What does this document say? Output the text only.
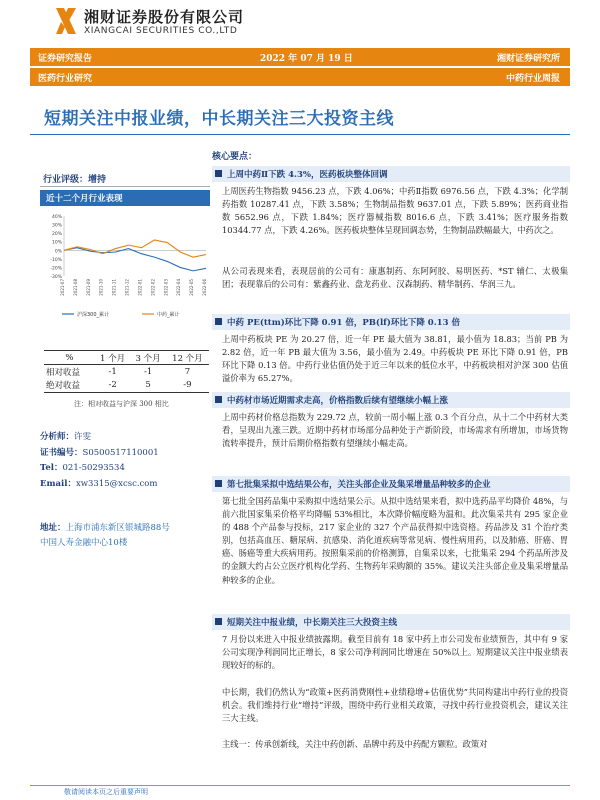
湘财证券股份有限公司
XIANGCAI SECURITIES CO.,LTD
证券研究报告	2022 年 07 月 19 日	湘财证券研究所
医药行业研究	中药行业周报
短期关注中报业绩，中长期关注三大投资主线
行业评级：增持
近十二个月行业表现
40%
30%
20%
10%
0%
-10%
-20%
-30%
2021-07 2021-08 2021-09 2021-10 2021-11 2021-12 2022-01 2022-02 2022-03 2022-04 2022-05 2022-06
沪深300_累计	中药_累计
%	1 个月	3 个月	12 个月
相对收益	-1	-1	7
绝对收益	-2	5	-9
注：相对收益与沪深 300 相比
分析师：许雯
证书编号：S0500517110001
Tel：021-50293534
Email：xw3315@xcsc.com
地址：上海市浦东新区银城路88号
中国人寿金融中心10楼
核心要点：
上周中药Ⅱ下跌 4.3%，医药板块整体回调
上周医药生物指数 9456.23 点，下跌 4.06%；中药Ⅱ指数 6976.56 点，下跌 4.3%；化学制药指数 10287.41 点，下跌 3.58%；生物制品指数 9637.01 点，下跌 5.89%；医药商业指数 5652.96 点，下跌 1.84%；医疗器械指数 8016.6 点，下跌 3.41%；医疗服务指数 10344.77 点，下跌 4.26%。医药板块整体呈现回调态势，生物制品跌幅最大，中药次之。
从公司表现来看，表现居前的公司有：康惠制药、东阿阿胶、易明医药、*ST 辅仁、太极集团；表现靠后的公司有：紫鑫药业、盘龙药业、汉森制药、精华制药、华润三九。
中药 PE(ttm)环比下降 0.91 倍，PB(lf)环比下降 0.13 倍
上周中药板块 PE 为 20.27 倍，近一年 PE 最大值为 38.81，最小值为 18.83；当前 PB 为 2.82 倍，近一年 PB 最大值为 3.56，最小值为 2.49。中药板块 PE 环比下降 0.91 倍，PB 环比下降 0.13 倍。中药行业估值仍处于近三年以来的低位水平，中药板块相对沪深 300 估值溢价率为 65.27%。
中药材市场近期需求走高，价格指数后续有望继续小幅上涨
上周中药材价格总指数为 229.72 点，较前一周小幅上涨 0.3 个百分点，从十二个中药材大类看，呈现出九涨三跌。近期中药材市场部分品种处于产新阶段，市场需求有所增加，市场货物流转率提升，预计后期价格指数有望继续小幅走高。
第七批集采拟中选结果公布，关注头部企业及集采增量品种较多的企业
第七批全国药品集中采购拟中选结果公示。从拟中选结果来看，拟中选药品平均降价 48%，与前六批国家集采价格平均降幅 53%相比，本次降价幅度略为温和。此次集采共有 295 家企业的 488 个产品参与投标，217 家企业的 327 个产品获得拟中选资格。药品涉及 31 个治疗类别，包括高血压、糖尿病、抗感染、消化道疾病等常见病、慢性病用药，以及肺癌、肝癌、胃癌、肠癌等重大疾病用药。按照集采前的价格测算，自集采以来，七批集采 294 个药品所涉及的金额大约占公立医疗机构化学药、生物药年采购额的 35%。建议关注头部企业及集采增量品种较多的企业。
短期关注中报业绩，中长期关注三大投资主线
7 月份以来进入中报业绩披露期。截至目前有 18 家中药上市公司发布业绩预告，其中有 9 家公司实现净利润同比正增长，8 家公司净利润同比增速在 50%以上。短期建议关注中报业绩表现较好的标的。
中长期，我们仍然认为“政策+医药消费刚性+业绩稳增+估值优势”共同构建出中药行业的投资机会。我们维持行业“增持”评级，围绕中药行业相关政策，寻找中药行业投资机会，建议关注三大主线。
主线一：传承创新线，关注中药创新、品牌中药及中药配方颗粒。政策对
敬请阅读本页之后重要声明
